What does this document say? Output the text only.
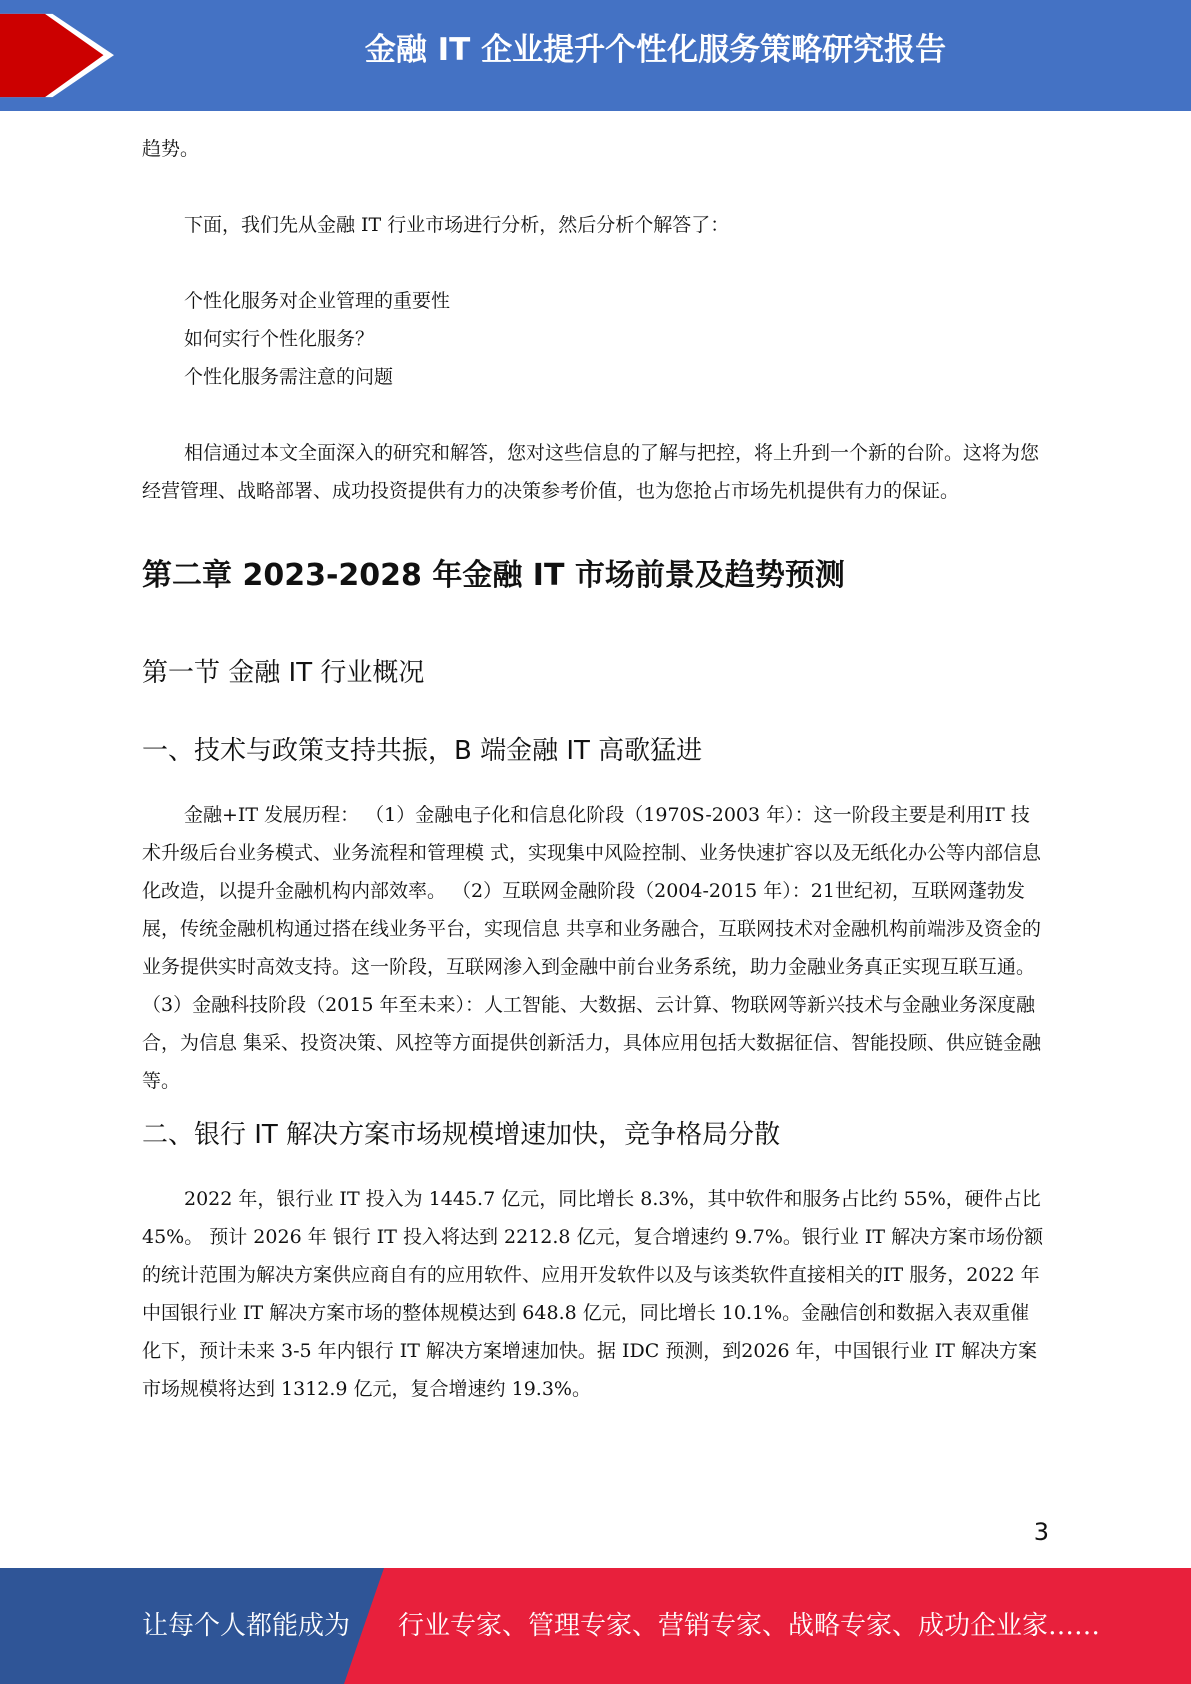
金融 IT 企业提升个性化服务策略研究报告

趋势。

下面，我们先从金融 IT 行业市场进行分析，然后分析个解答了：

个性化服务对企业管理的重要性

如何实行个性化服务？

个性化服务需注意的问题

相信通过本文全面深入的研究和解答，您对这些信息的了解与把控，将上升到一个新的台阶。这将为您经营管理、战略部署、成功投资提供有力的决策参考价值，也为您抢占市场先机提供有力的保证。

第二章 2023-2028 年金融 IT 市场前景及趋势预测
第一节 金融 IT 行业概况
一、技术与政策支持共振，B 端金融 IT 高歌猛进

金融+IT 发展历程： （1）金融电子化和信息化阶段（1970S-2003 年）：这一阶段主要是利用IT 技术升级后台业务模式、业务流程和管理模 式，实现集中风险控制、业务快速扩容以及无纸化办公等内部信息化改造，以提升金融机构内部效率。 （2）互联网金融阶段（2004-2015 年）：21世纪初，互联网蓬勃发展，传统金融机构通过搭在线业务平台，实现信息 共享和业务融合，互联网技术对金融机构前端涉及资金的业务提供实时高效支持。这一阶段，互联网渗入到金融中前台业务系统，助力金融业务真正实现互联互通。 （3）金融科技阶段（2015 年至未来）：人工智能、大数据、云计算、物联网等新兴技术与金融业务深度融合，为信息 集采、投资决策、风控等方面提供创新活力，具体应用包括大数据征信、智能投顾、供应链金融等。

二、银行 IT 解决方案市场规模增速加快，竞争格局分散

2022 年，银行业 IT 投入为 1445.7 亿元，同比增长 8.3%，其中软件和服务占比约 55%，硬件占比 45%。 预计 2026 年 银行 IT 投入将达到 2212.8 亿元，复合增速约 9.7%。银行业 IT 解决方案市场份额的统计范围为解决方案供应商自有的应用软件、应用开发软件以及与该类软件直接相关的IT 服务，2022 年中国银行业 IT 解决方案市场的整体规模达到 648.8 亿元，同比增长 10.1%。金融信创和数据入表双重催 化下，预计未来 3-5 年内银行 IT 解决方案增速加快。据 IDC 预测，到2026 年，中国银行业 IT 解决方案市场规模将达到 1312.9 亿元，复合增速约 19.3%。

3
让每个人都能成为 行业专家、管理专家、营销专家、战略专家、成功企业家……
